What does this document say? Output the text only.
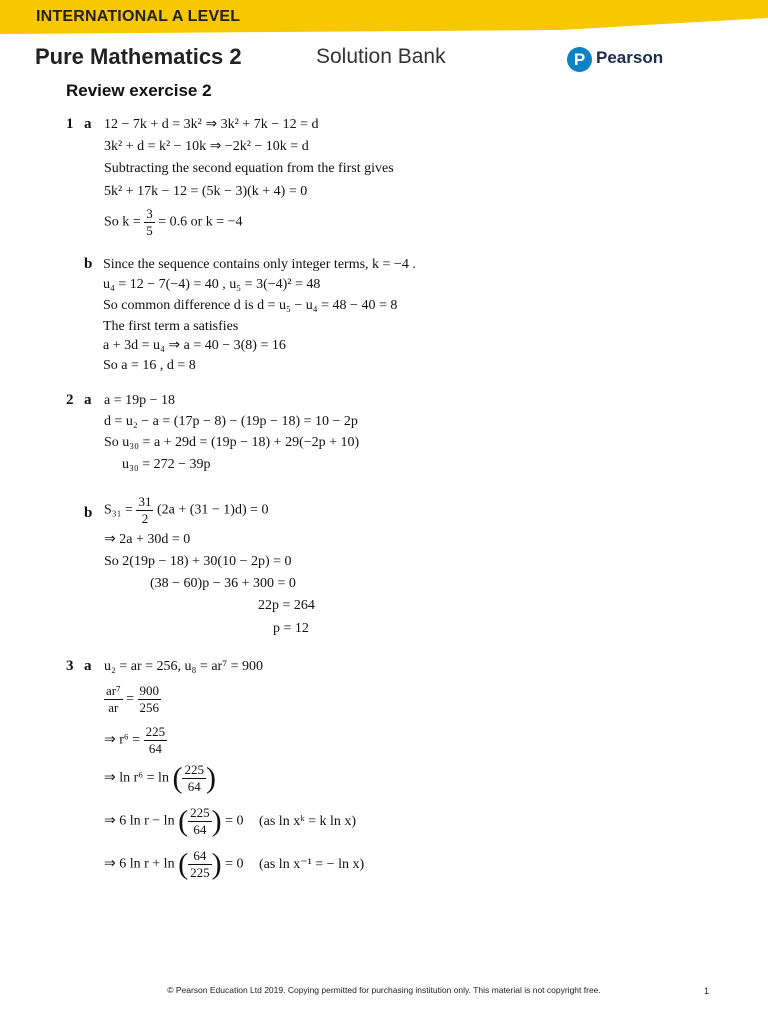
INTERNATIONAL A LEVEL
Pure Mathematics 2	Solution Bank	P Pearson
Review exercise 2
1 a 12 − 7k + d = 3k² ⇒ 3k² + 7k − 12 = d
3k² + d = k² − 10k ⇒ −2k² − 10k = d
Subtracting the second equation from the first gives
5k² + 17k − 12 = (5k − 3)(k + 4) = 0
So $k = \frac{3}{5} = 0.6$ or k = −4
b Since the sequence contains only integer terms, k = −4 .
u₄ = 12 − 7(−4) = 40 , u₅ = 3(−4)² = 48
So common difference d is d = u₅ − u₄ = 48 − 40 = 8
The first term a satisfies
a + 3d = u₄ ⇒ a = 40 − 3(8) = 16
So a = 16 , d = 8
2 a a = 19p − 18
d = u₂ − a = (17p − 8) − (19p − 18) = 10 − 2p
So u₃₀ = a + 29d = (19p − 18) + 29(−2p + 10)
u₃₀ = 272 − 39p
b $S_{31} = \frac{31}{2} (2a + (31 - 1)d) = 0$
⇒ 2a + 30d = 0
So 2(19p − 18) + 30(10 − 2p) = 0
(38 − 60)p − 36 + 300 = 0
22p = 264
p = 12
3 a u₂ = ar = 256, u₈ = ar⁷ = 900
$\frac{\text{ar⁷}}{ar} = \frac{900}{256}$
⇒ $r^6 = \frac{225}{64}$
⇒ ln r⁶ = ln ( $\frac{225}{64}$ )
⇒ 6 ln r − ln ( $\frac{225}{64}$ ) = 0 (as ln xᵏ = k ln x)
⇒ 6 ln r + ln ( $\frac{64}{225}$ ) = 0 (as ln x⁻¹ = − ln x)
© Pearson Education Ltd 2019. Copying permitted for purchasing institution only. This material is not copyright free.	1
